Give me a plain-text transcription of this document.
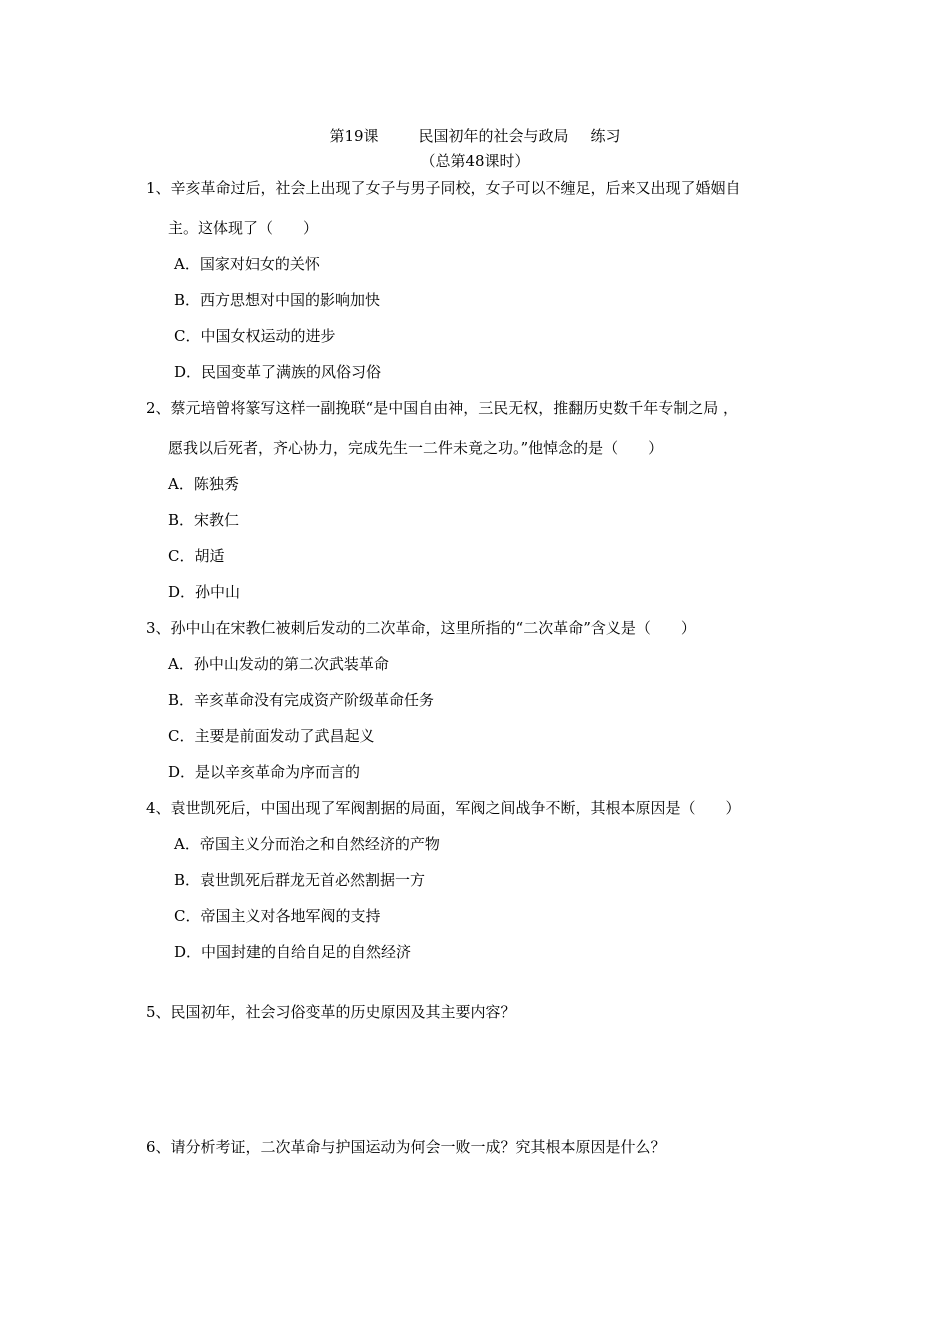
第19课	民国初年的社会与政局 练习
（总第48课时）
1、辛亥革命过后，社会上出现了女子与男子同校，女子可以不缠足，后来又出现了婚姻自
主。这体现了（　　）
A．国家对妇女的关怀
B．西方思想对中国的影响加快
C．中国女权运动的进步
D．民国变革了满族的风俗习俗
2、蔡元培曾将篆写这样一副挽联“是中国自由神，三民无权，推翻历史数千年专制之局 ，
愿我以后死者，齐心协力，完成先生一二件未竟之功。”他悼念的是（　　）
A．陈独秀
B．宋教仁
C．胡适
D．孙中山
3、孙中山在宋教仁被刺后发动的二次革命，这里所指的“二次革命”含义是（　　）
A．孙中山发动的第二次武装革命
B．辛亥革命没有完成资产阶级革命任务
C．主要是前面发动了武昌起义
D．是以辛亥革命为序而言的
4、袁世凯死后，中国出现了军阀割据的局面，军阀之间战争不断，其根本原因是（　　）
A．帝国主义分而治之和自然经济的产物
B．袁世凯死后群龙无首必然割据一方
C．帝国主义对各地军阀的支持
D．中国封建的自给自足的自然经济
5、民国初年，社会习俗变革的历史原因及其主要内容？
6、请分析考证，二次革命与护国运动为何会一败一成？究其根本原因是什么？
